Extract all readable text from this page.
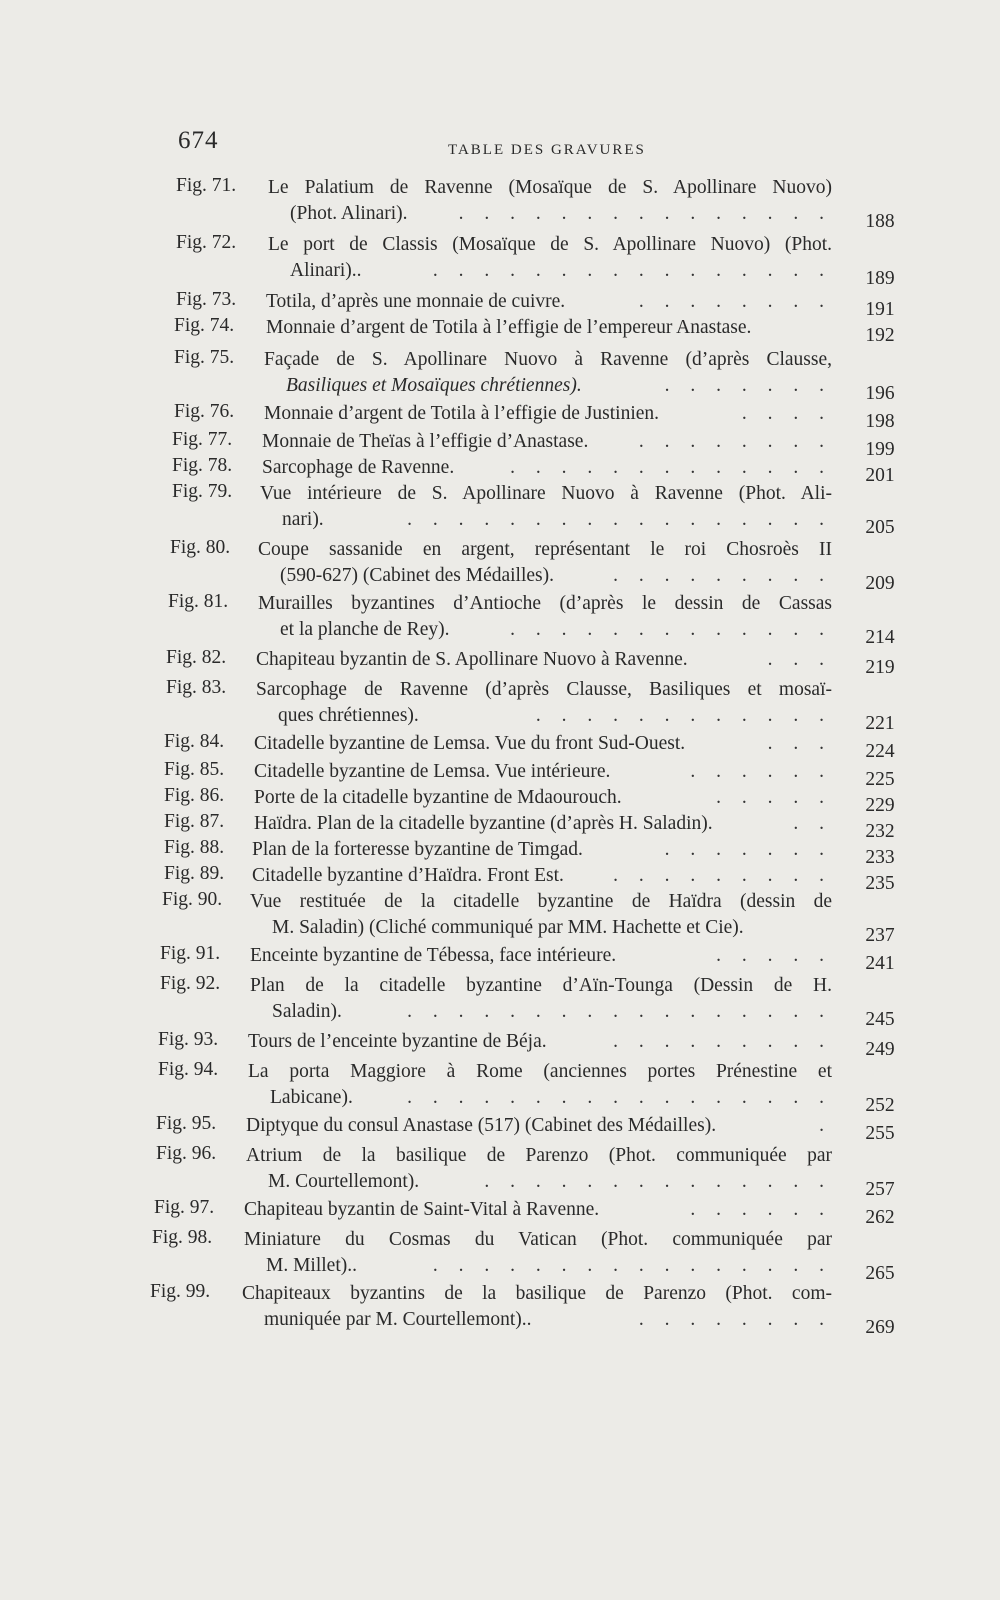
674	TABLE DES GRAVURES
Fig. 71. Le Palatium de Ravenne (Mosaïque de S. Apollinare Nuovo)
(Phot. Alinari).	. . . . . . . . . . . . . . .	188
Fig. 72. Le port de Classis (Mosaïque de S. Apollinare Nuovo) (Phot.
Alinari)..	. . . . . . . . . . . . . . . .	189
Fig. 73. Totila, d’après une monnaie de cuivre.	. . . . . . . .	191
Fig. 74. Monnaie d’argent de Totila à l’effigie de l’empereur Anastase.	192
Fig. 75. Façade de S. Apollinare Nuovo à Ravenne (d’après Clausse,
Basiliques et Mosaïques chrétiennes).	. . . . . . .	196
Fig. 76. Monnaie d’argent de Totila à l’effigie de Justinien.	. . . .	198
Fig. 77. Monnaie de Theïas à l’effigie d’Anastase.	. . . . . . . .	199
Fig. 78. Sarcophage de Ravenne.	. . . . . . . . . . . . .	201
Fig. 79. Vue intérieure de S. Apollinare Nuovo à Ravenne (Phot. Ali-
nari).	. . . . . . . . . . . . . . . . .	205
Fig. 80. Coupe sassanide en argent, représentant le roi Chosroès II
(590-627) (Cabinet des Médailles).	. . . . . . . . .	209
Fig. 81. Murailles byzantines d’Antioche (d’après le dessin de Cassas
et la planche de Rey).	. . . . . . . . . . . . .	214
Fig. 82. Chapiteau byzantin de S. Apollinare Nuovo à Ravenne.	. . .	219
Fig. 83. Sarcophage de Ravenne (d’après Clausse, Basiliques et mosaï-
ques chrétiennes).	. . . . . . . . . . . .	221
Fig. 84. Citadelle byzantine de Lemsa. Vue du front Sud-Ouest.	. . .	224
Fig. 85. Citadelle byzantine de Lemsa. Vue intérieure.	. . . . . .	225
Fig. 86. Porte de la citadelle byzantine de Mdaourouch.	. . . . .	229
Fig. 87. Haïdra. Plan de la citadelle byzantine (d’après H. Saladin).	. .	232
Fig. 88. Plan de la forteresse byzantine de Timgad.	. . . . . . .	233
Fig. 89. Citadelle byzantine d’Haïdra. Front Est.	. . . . . . . . .	235
Fig. 90. Vue restituée de la citadelle byzantine de Haïdra (dessin de
M. Saladin) (Cliché communiqué par MM. Hachette et Cie).	237
Fig. 91. Enceinte byzantine de Tébessa, face intérieure.	. . . . .	241
Fig. 92. Plan de la citadelle byzantine d’Aïn-Tounga (Dessin de H.
Saladin).	. . . . . . . . . . . . . . . . .	245
Fig. 93. Tours de l’enceinte byzantine de Béja.	. . . . . . . . .	249
Fig. 94. La porta Maggiore à Rome (anciennes portes Prénestine et
Labicane).	. . . . . . . . . . . . . . . . .	252
Fig. 95. Diptyque du consul Anastase (517) (Cabinet des Médailles).	.	255
Fig. 96. Atrium de la basilique de Parenzo (Phot. communiquée par
M. Courtellemont).	. . . . . . . . . . . . . .	257
Fig. 97. Chapiteau byzantin de Saint-Vital à Ravenne.	. . . . . .	262
Fig. 98. Miniature du Cosmas du Vatican (Phot. communiquée par
M. Millet)..	. . . . . . . . . . . . . . . .	265
Fig. 99. Chapiteaux byzantins de la basilique de Parenzo (Phot. com-
muniquée par M. Courtellemont)..	. . . . . . . .	269
